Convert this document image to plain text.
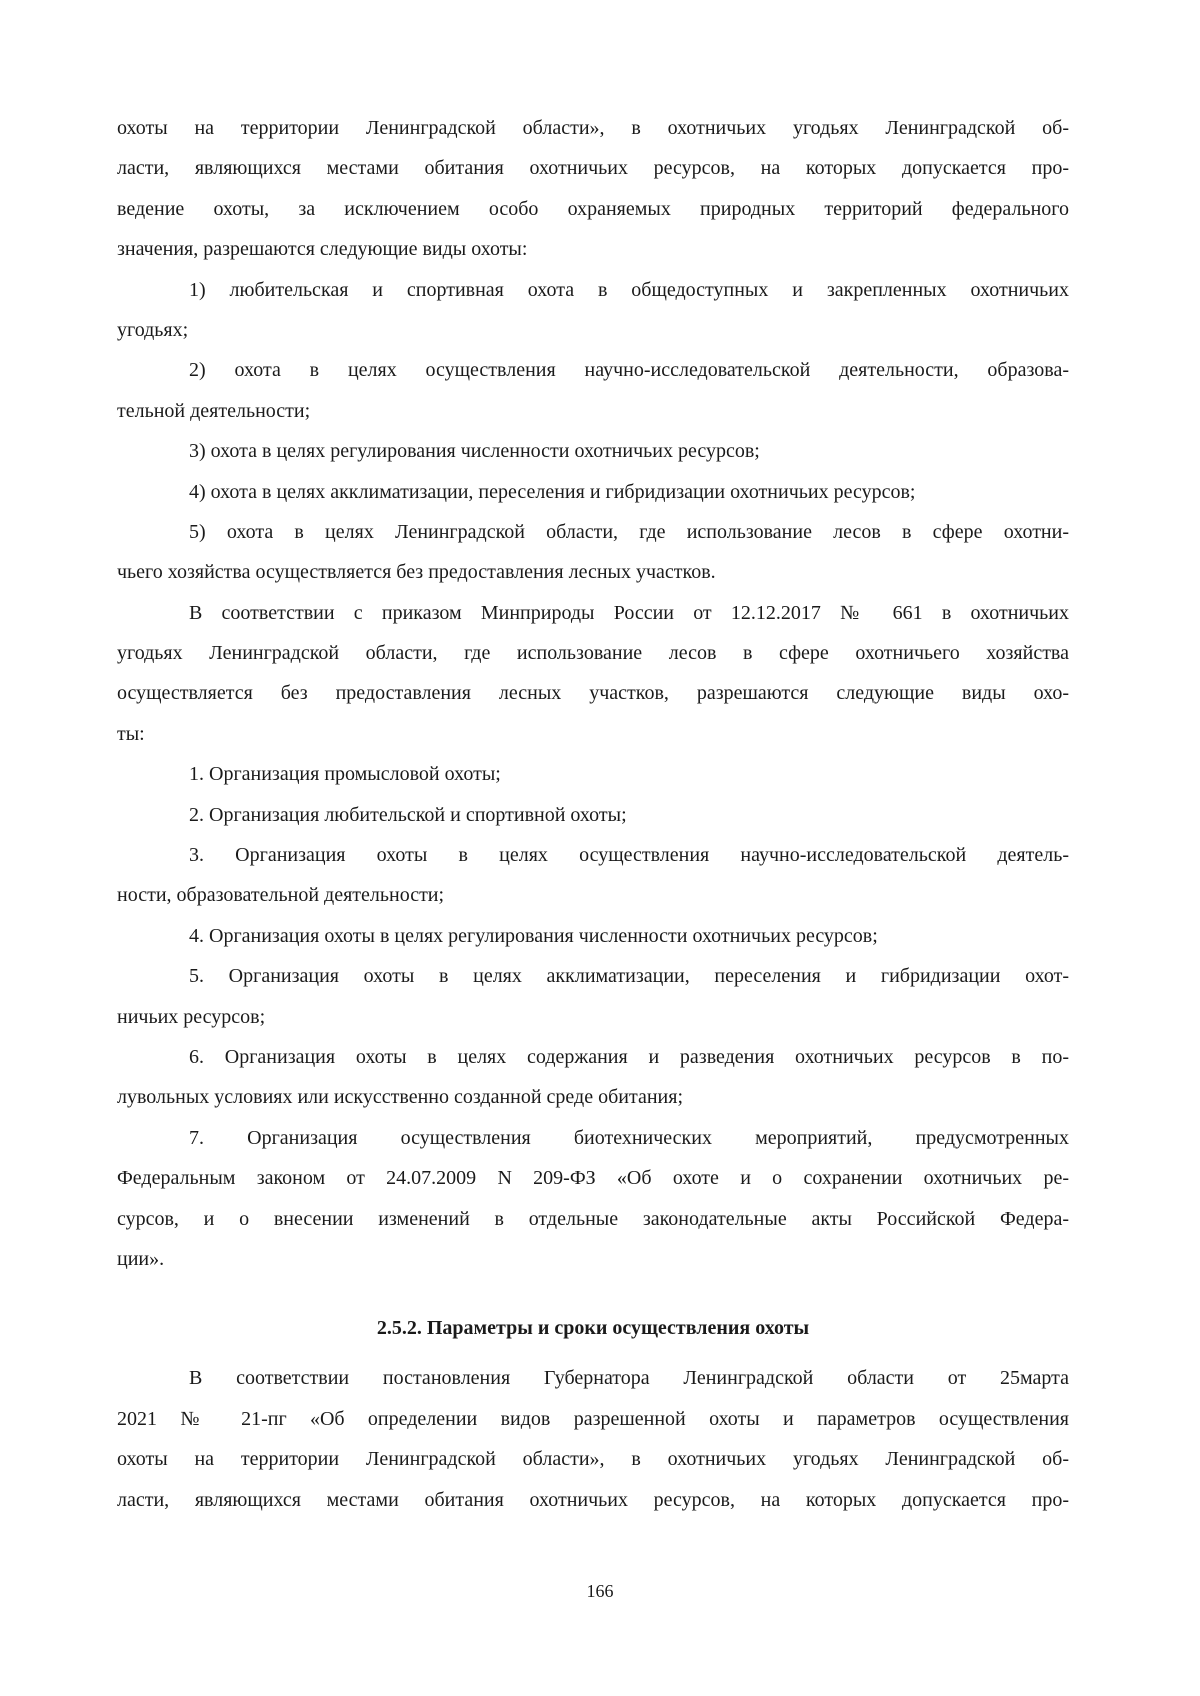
охоты на территории Ленинградской области», в охотничьих угодьях Ленинградской об-

ласти, являющихся местами обитания охотничьих ресурсов, на которых допускается про-

ведение охоты, за исключением особо охраняемых природных территорий федерального

значения, разрешаются следующие виды охоты:

1) любительская и спортивная охота в общедоступных и закрепленных охотничьих

угодьях;

2) охота в целях осуществления научно-исследовательской деятельности, образова-

тельной деятельности;

3) охота в целях регулирования численности охотничьих ресурсов;

4) охота в целях акклиматизации, переселения и гибридизации охотничьих ресурсов;

5) охота в целях Ленинградской области, где использование лесов в сфере охотни-

чьего хозяйства осуществляется без предоставления лесных участков.

В соответствии с приказом Минприроды России от 12.12.2017 № 661 в охотничьих

угодьях Ленинградской области, где использование лесов в сфере охотничьего хозяйства

осуществляется без предоставления лесных участков, разрешаются следующие виды охо-

ты:

1. Организация промысловой охоты;

2. Организация любительской и спортивной охоты;

3. Организация охоты в целях осуществления научно-исследовательской деятель-

ности, образовательной деятельности;

4. Организация охоты в целях регулирования численности охотничьих ресурсов;

5. Организация охоты в целях акклиматизации, переселения и гибридизации охот-

ничьих ресурсов;

6. Организация охоты в целях содержания и разведения охотничьих ресурсов в по-

лувольных условиях или искусственно созданной среде обитания;

7. Организация осуществления биотехнических мероприятий, предусмотренных

Федеральным законом от 24.07.2009 N 209-ФЗ «Об охоте и о сохранении охотничьих ре-

сурсов, и о внесении изменений в отдельные законодательные акты Российской Федера-

ции».

2.5.2. Параметры и сроки осуществления охоты

В соответствии постановления Губернатора Ленинградской области от 25марта

2021 № 21-пг «Об определении видов разрешенной охоты и параметров осуществления

охоты на территории Ленинградской области», в охотничьих угодьях Ленинградской об-

ласти, являющихся местами обитания охотничьих ресурсов, на которых допускается про-

166
